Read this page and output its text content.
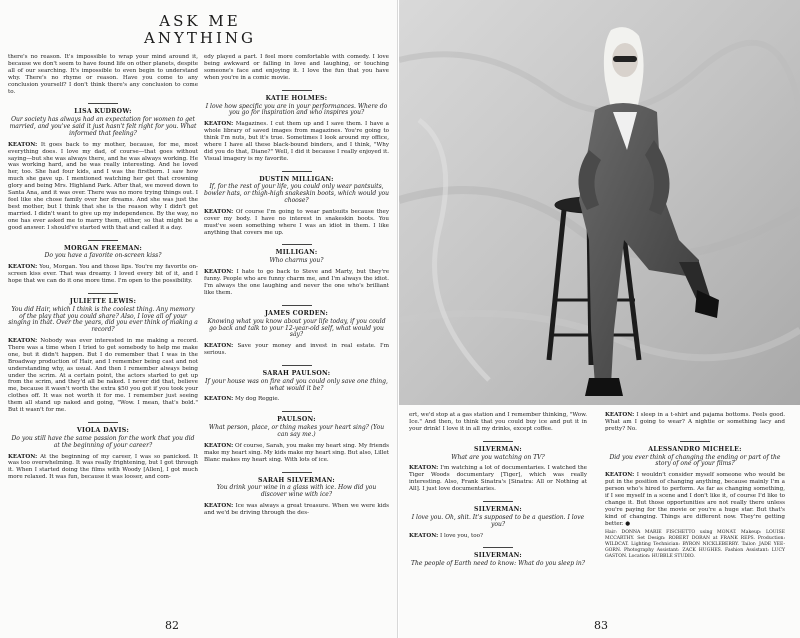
ASK ME
ANYTHING

there's no reason. It's impossible to wrap your mind around it, because we don't seem to have found life on other planets, despite all of our searching. It's impossible to even begin to understand why. There's no rhyme or reason. Have you come to any conclusion yourself? I don't think there's any conclusion to come to.

LISA KUDROW:
Our society has always had an expectation for women to get married, and you've said it just hasn't felt right for you. What informed that feeling?

KEATON: It goes back to my mother, because, for me, most everything does. I love my dad, of course—that goes without saying—but she was always there, and he was always working. He was working hard, and he was really interesting. And he loved her, too. She had four kids, and I was the firstborn. I saw how much she gave up. I mentioned watching her get that crowning glory and being Mrs. Highland Park. After that, we moved down to Santa Ana, and it was over. There was no more trying things out. I feel like she chose family over her dreams. And she was just the best mother, but I think that she is the reason why I didn't get married. I didn't want to give up my independence. By the way, no one has ever asked me to marry them, either, so that might be a good answer. I should've started with that and called it a day.

MORGAN FREEMAN:
Do you have a favorite on-screen kiss?

KEATON: You, Morgan. You and those lips. You're my favorite on-screen kiss ever. That was dreamy. I loved every bit of it, and I hope that we can do it one more time. I'm open to the possibility.

JULIETTE LEWIS:
You did Hair, which I think is the coolest thing. Any memory of the play that you could share? Also, I love all of your singing in that. Over the years, did you ever think of making a record?

KEATON: Nobody was ever interested in me making a record. There was a time when I tried to get somebody to help me make one, but it didn't happen. But I do remember that I was in the Broadway production of Hair, and I remember being cast and not understanding why, as usual. And then I remember always being under the scrim. At a certain point, the actors started to get up from the scrim, and they'd all be naked. I never did that, believe me, because it wasn't worth the extra $50 you got if you took your clothes off. It was not worth it for me. I remember just seeing them all stand up naked and going, "Wow. I mean, that's bold." But it wasn't for me.

VIOLA DAVIS:
Do you still have the same passion for the work that you did at the beginning of your career?

KEATON: At the beginning of my career, I was so panicked. It was too overwhelming. It was really frightening, but I got through it. When I started doing the films with Woody [Allen], I got much more relaxed. It was fun, because it was looser, and com-

edy played a part. I feel more comfortable with comedy. I love being awkward or falling in love and laughing, or touching someone's face and enjoying it. I love the fun that you have when you're in a comic movie.

KATIE HOLMES:
I love how specific you are in your performances. Where do you go for inspiration and who inspires you?

KEATON: Magazines. I cut them up and I save them. I have a whole library of saved images from magazines. You're going to think I'm nuts, but it's true. Sometimes I look around my office, where I have all these black-bound binders, and I think, "Why did you do that, Diane?" Well, I did it because I really enjoyed it. Visual imagery is my favorite.

DUSTIN MILLIGAN:
If, for the rest of your life, you could only wear pantsuits, bowler hats, or thigh-high snakeskin boots, which would you choose?

KEATON: Of course I'm going to wear pantsuits because they cover my body. I have no interest in snakeskin boots. You must've seen something where I was an idiot in them. I like anything that covers me up.

MILLIGAN:
Who charms you?

KEATON: I hate to go back to Steve and Marty, but they're funny. People who are funny charm me, and I'm always the idiot. I'm always the one laughing and never the one who's brilliant like them.

JAMES CORDEN:
Knowing what you know about your life today, if you could go back and talk to your 12-year-old self, what would you say?

KEATON: Save your money and invest in real estate. I'm serious.

SARAH PAULSON:
If your house was on fire and you could only save one thing, what would it be?

KEATON: My dog Reggie.

PAULSON:
What person, place, or thing makes your heart sing? (You can say me.)

KEATON: Of course, Sarah, you make my heart sing. My friends make my heart sing. My kids make my heart sing. But also, Lillet Blanc makes my heart sing. With lots of ice.

SARAH SILVERMAN:
You drink your wine in a glass with ice. How did you discover wine with ice?

KEATON: Ice was always a great treasure. When we were kids and we'd be driving through the des-

82

ert, we'd stop at a gas station and I remember thinking, "Wow. Ice." And then, to think that you could buy ice and put it in your drink! I love it in all my drinks, except coffee.

SILVERMAN:
What are you watching on TV?

KEATON: I'm watching a lot of documentaries. I watched the Tiger Woods documentary [Tiger], which was really interesting. Also, Frank Sinatra's [Sinatra: All or Nothing at All]. I just love documentaries.

SILVERMAN:
I love you. Oh, shit. It's supposed to be a question. I love you?

KEATON: I love you, too?

SILVERMAN:
The people of Earth need to know: What do you sleep in?

KEATON: I sleep in a t-shirt and pajama bottoms. Feels good. What am I going to wear? A nightie or something lacy and pretty? No.

ALESSANDRO MICHELE:
Did you ever think of changing the ending or part of the story of one of your films?

KEATON: I wouldn't consider myself someone who would be put in the position of changing anything, because mainly I'm a person who's hired to perform. As far as changing something, if I see myself in a scene and I don't like it, of course I'd like to change it. But those opportunities are not really there unless you're paying for the movie or you're a huge star. But that's kind of changing. Things are different now. They're getting better. ●

Hair: DONNA MARIE FISCHETTO using MONAT. Makeup: LOUISE MCCARTHY. Set Design: ROBERT DORAN at FRANK REPS. Production: WILDCAT. Lighting Technician: BYRON NICKLEBERRY. Tailor: JADE YEE-GORN. Photography Assistant: ZACK HUGHES. Fashion Assistant: LUCY GASTON. Location: HUBBLE STUDIO.

83
